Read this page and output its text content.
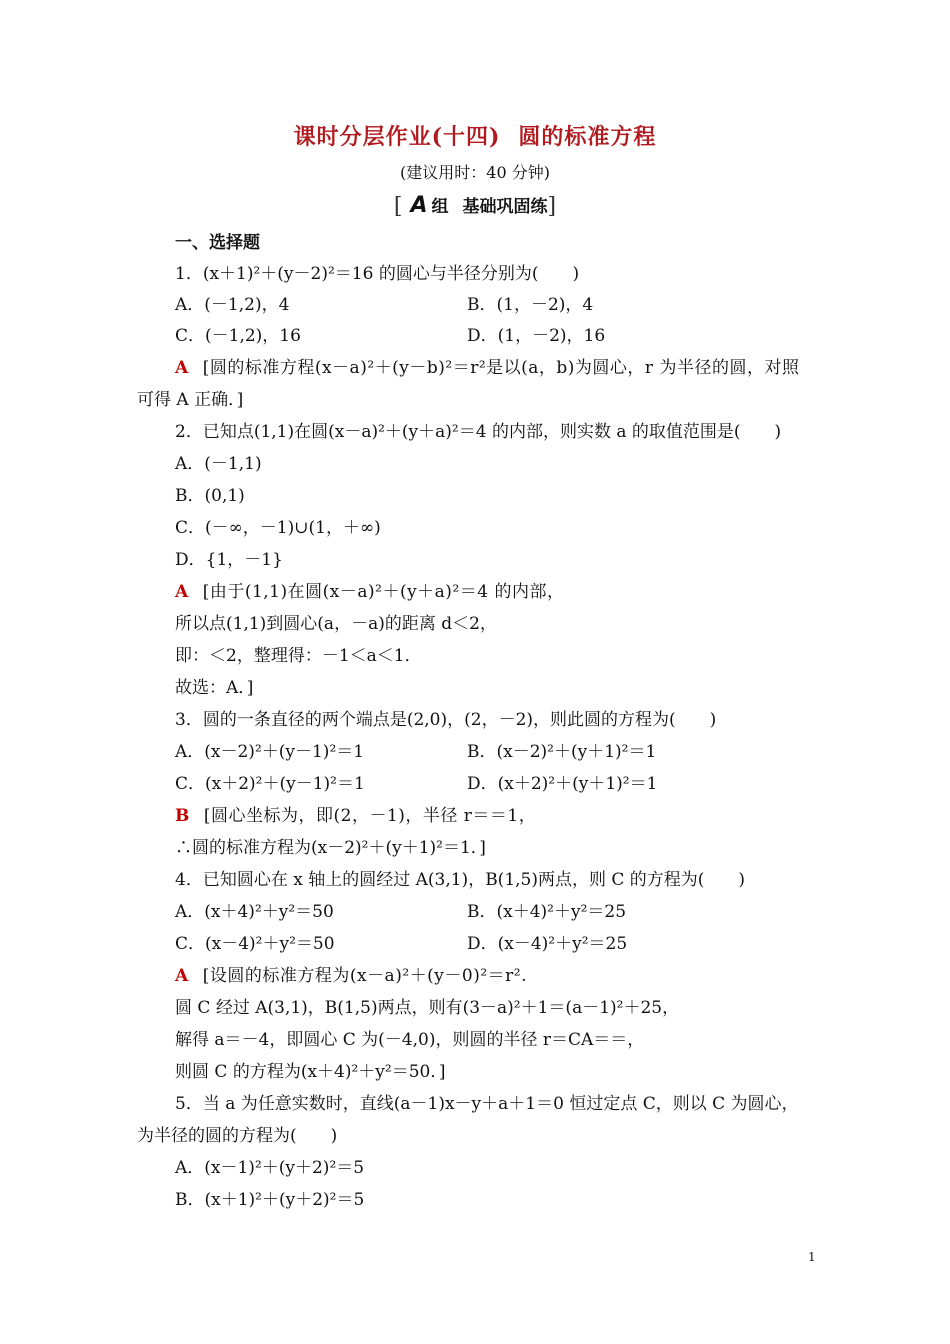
课时分层作业(十四) 圆的标准方程
(建议用时：40 分钟)
[ A 组 基础巩固练]
一、选择题
1．(x＋1)²＋(y－2)²＝16 的圆心与半径分别为(　　)
A．(－1,2)，4	B．(1，－2)，4
C．(－1,2)，16	D．(1，－2)，16
A [圆的标准方程(x－a)²＋(y－b)²＝r²是以(a，b)为圆心，r 为半径的圆，对照
可得 A 正确．]
2．已知点(1,1)在圆(x－a)²＋(y＋a)²＝4 的内部，则实数 a 的取值范围是(　　)
A．(－1,1)
B．(0,1)
C．(－∞，－1)∪(1，＋∞)
D．{1，－1}
A [由于(1,1)在圆(x－a)²＋(y＋a)²＝4 的内部，
所以点(1,1)到圆心(a，－a)的距离 d＜2，
即：＜2，整理得：－1＜a＜1．
故选：A．]
3．圆的一条直径的两个端点是(2,0)，(2，－2)，则此圆的方程为(　　)
A．(x－2)²＋(y－1)²＝1	B．(x－2)²＋(y＋1)²＝1
C．(x＋2)²＋(y－1)²＝1	D．(x＋2)²＋(y＋1)²＝1
B [圆心坐标为，即(2，－1)，半径 r＝＝1，
∴圆的标准方程为(x－2)²＋(y＋1)²＝1．]
4．已知圆心在 x 轴上的圆经过 A(3,1)，B(1,5)两点，则 C 的方程为(　　)
A．(x＋4)²＋y²＝50	B．(x＋4)²＋y²＝25
C．(x－4)²＋y²＝50	D．(x－4)²＋y²＝25
A [设圆的标准方程为(x－a)²＋(y－0)²＝r².
圆 C 经过 A(3,1)，B(1,5)两点，则有(3－a)²＋1＝(a－1)²＋25，
解得 a＝－4，即圆心 C 为(－4,0)，则圆的半径 r＝CA＝＝，
则圆 C 的方程为(x＋4)²＋y²＝50．]
5．当 a 为任意实数时，直线(a－1)x－y＋a＋1＝0 恒过定点 C，则以 C 为圆心，
为半径的圆的方程为(　　)
A．(x－1)²＋(y＋2)²＝5
B．(x＋1)²＋(y＋2)²＝5
1
